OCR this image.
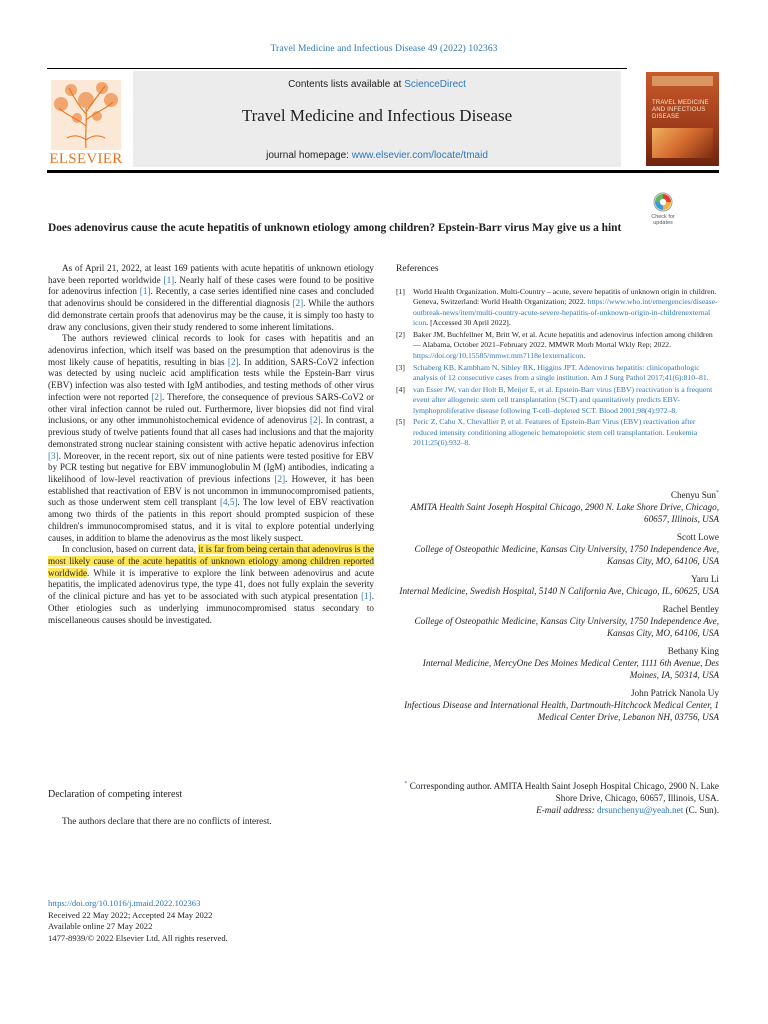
Travel Medicine and Infectious Disease 49 (2022) 102363
ELSEVIER
Contents lists available at ScienceDirect
Travel Medicine and Infectious Disease
journal homepage: www.elsevier.com/locate/tmaid
TRAVEL MEDICINE AND INFECTIOUS DISEASE
Check for updates
Does adenovirus cause the acute hepatitis of unknown etiology among children? Epstein-Barr virus May give us a hint

As of April 21, 2022, at least 169 patients with acute hepatitis of unknown etiology have been reported worldwide [1]. Nearly half of these cases were found to be positive for adenovirus infection [1]. Recently, a case series identified nine cases and concluded that adenovirus should be considered in the differential diagnosis [2]. While the authors did demonstrate certain proofs that adenovirus may be the cause, it is simply too hasty to draw any conclusions, given their study rendered to some inherent limitations.

The authors reviewed clinical records to look for cases with hepatitis and an adenovirus infection, which itself was based on the presumption that adenovirus is the most likely cause of hepatitis, resulting in bias [2]. In addition, SARS-CoV2 infection was detected by using nucleic acid amplification tests while the Epstein-Barr virus (EBV) infection was also tested with IgM antibodies, and testing methods of other virus infection were not reported [2]. Therefore, the consequence of previous SARS-CoV2 or other viral infection cannot be ruled out. Furthermore, liver biopsies did not find viral inclusions, or any other immunohistochemical evidence of adenovirus [2]. In contrast, a previous study of twelve patients found that all cases had inclusions and that the majority demonstrated strong nuclear staining consistent with active hepatic adenovirus infection [3]. Moreover, in the recent report, six out of nine patients were tested positive for EBV by PCR testing but negative for EBV immunoglobulin M (IgM) antibodies, indicating a likelihood of low-level reactivation of previous infections [2]. However, it has been established that reactivation of EBV is not uncommon in immunocompromised patients, such as those underwent stem cell transplant [4,5]. The low level of EBV reactivation among two thirds of the patients in this report should prompted suspicion of these children's immunocompromised status, and it is vital to explore potential underlying causes, in addition to blame the adenovirus as the most likely suspect.

In conclusion, based on current data, it is far from being certain that adenovirus is the most likely cause of the acute hepatitis of unknown etiology among children reported worldwide. While it is imperative to explore the link between adenovirus and acute hepatitis, the implicated adenovirus type, the type 41, does not fully explain the severity of the clinical picture and has yet to be associated with such atypical presentation [1]. Other etiologies such as underlying immunocompromised status secondary to miscellaneous causes should be investigated.

Declaration of competing interest
The authors declare that there are no conflicts of interest.
References
[1] World Health Organization. Multi-Country – acute, severe hepatitis of unknown origin in children. Geneva, Switzerland: World Health Organization; 2022. https://www.who.int/emergencies/disease-outbreak-news/item/multi-country-acute-severe-hepatitis-of-unknown-origin-in-childrenexternal icon. [Accessed 30 April 2022].
[2] Baker JM, Buchfellner M, Britt W, et al. Acute hepatitis and adenovirus infection among children — Alabama, October 2021–February 2022. MMWR Morb Mortal Wkly Rep; 2022. https://doi.org/10.15585/mmwr.mm7118e1externalicon.
[3] Schaberg KB, Kambham N, Sibley RK, Higgins JPT. Adenovirus hepatitis: clinicopathologic analysis of 12 consecutive cases from a single institution. Am J Surg Pathol 2017;41(6):810–81.
[4] van Esser JW, van der Holt B, Meijer E, et al. Epstein-Barr virus (EBV) reactivation is a frequent event after allogeneic stem cell transplantation (SCT) and quantitatively predicts EBV-lymphoproliferative disease following T-cell–depleted SCT. Blood 2001;98(4):972–8.
[5] Peric Z, Cahu X, Chevallier P, et al. Features of Epstein-Barr Virus (EBV) reactivation after reduced intensity conditioning allogeneic hematopoietic stem cell transplantation. Leukemia 2011;25(6):932–8.
Chenyu Sun*
AMITA Health Saint Joseph Hospital Chicago, 2900 N. Lake Shore Drive, Chicago, 60657, Illinois, USA
Scott Lowe
College of Osteopathic Medicine, Kansas City University, 1750 Independence Ave, Kansas City, MO, 64106, USA
Yaru Li
Internal Medicine, Swedish Hospital, 5140 N California Ave, Chicago, IL, 60625, USA
Rachel Bentley
College of Osteopathic Medicine, Kansas City University, 1750 Independence Ave, Kansas City, MO, 64106, USA
Bethany King
Internal Medicine, MercyOne Des Moines Medical Center, 1111 6th Avenue, Des Moines, IA, 50314, USA
John Patrick Nanola Uy
Infectious Disease and International Health, Dartmouth-Hitchcock Medical Center, 1 Medical Center Drive, Lebanon NH, 03756, USA
* Corresponding author. AMITA Health Saint Joseph Hospital Chicago, 2900 N. Lake Shore Drive, Chicago, 60657, Illinois, USA.
E-mail address: drsunchenyu@yeah.net (C. Sun).
https://doi.org/10.1016/j.tmaid.2022.102363
Received 22 May 2022; Accepted 24 May 2022
Available online 27 May 2022
1477-8939/© 2022 Elsevier Ltd. All rights reserved.
